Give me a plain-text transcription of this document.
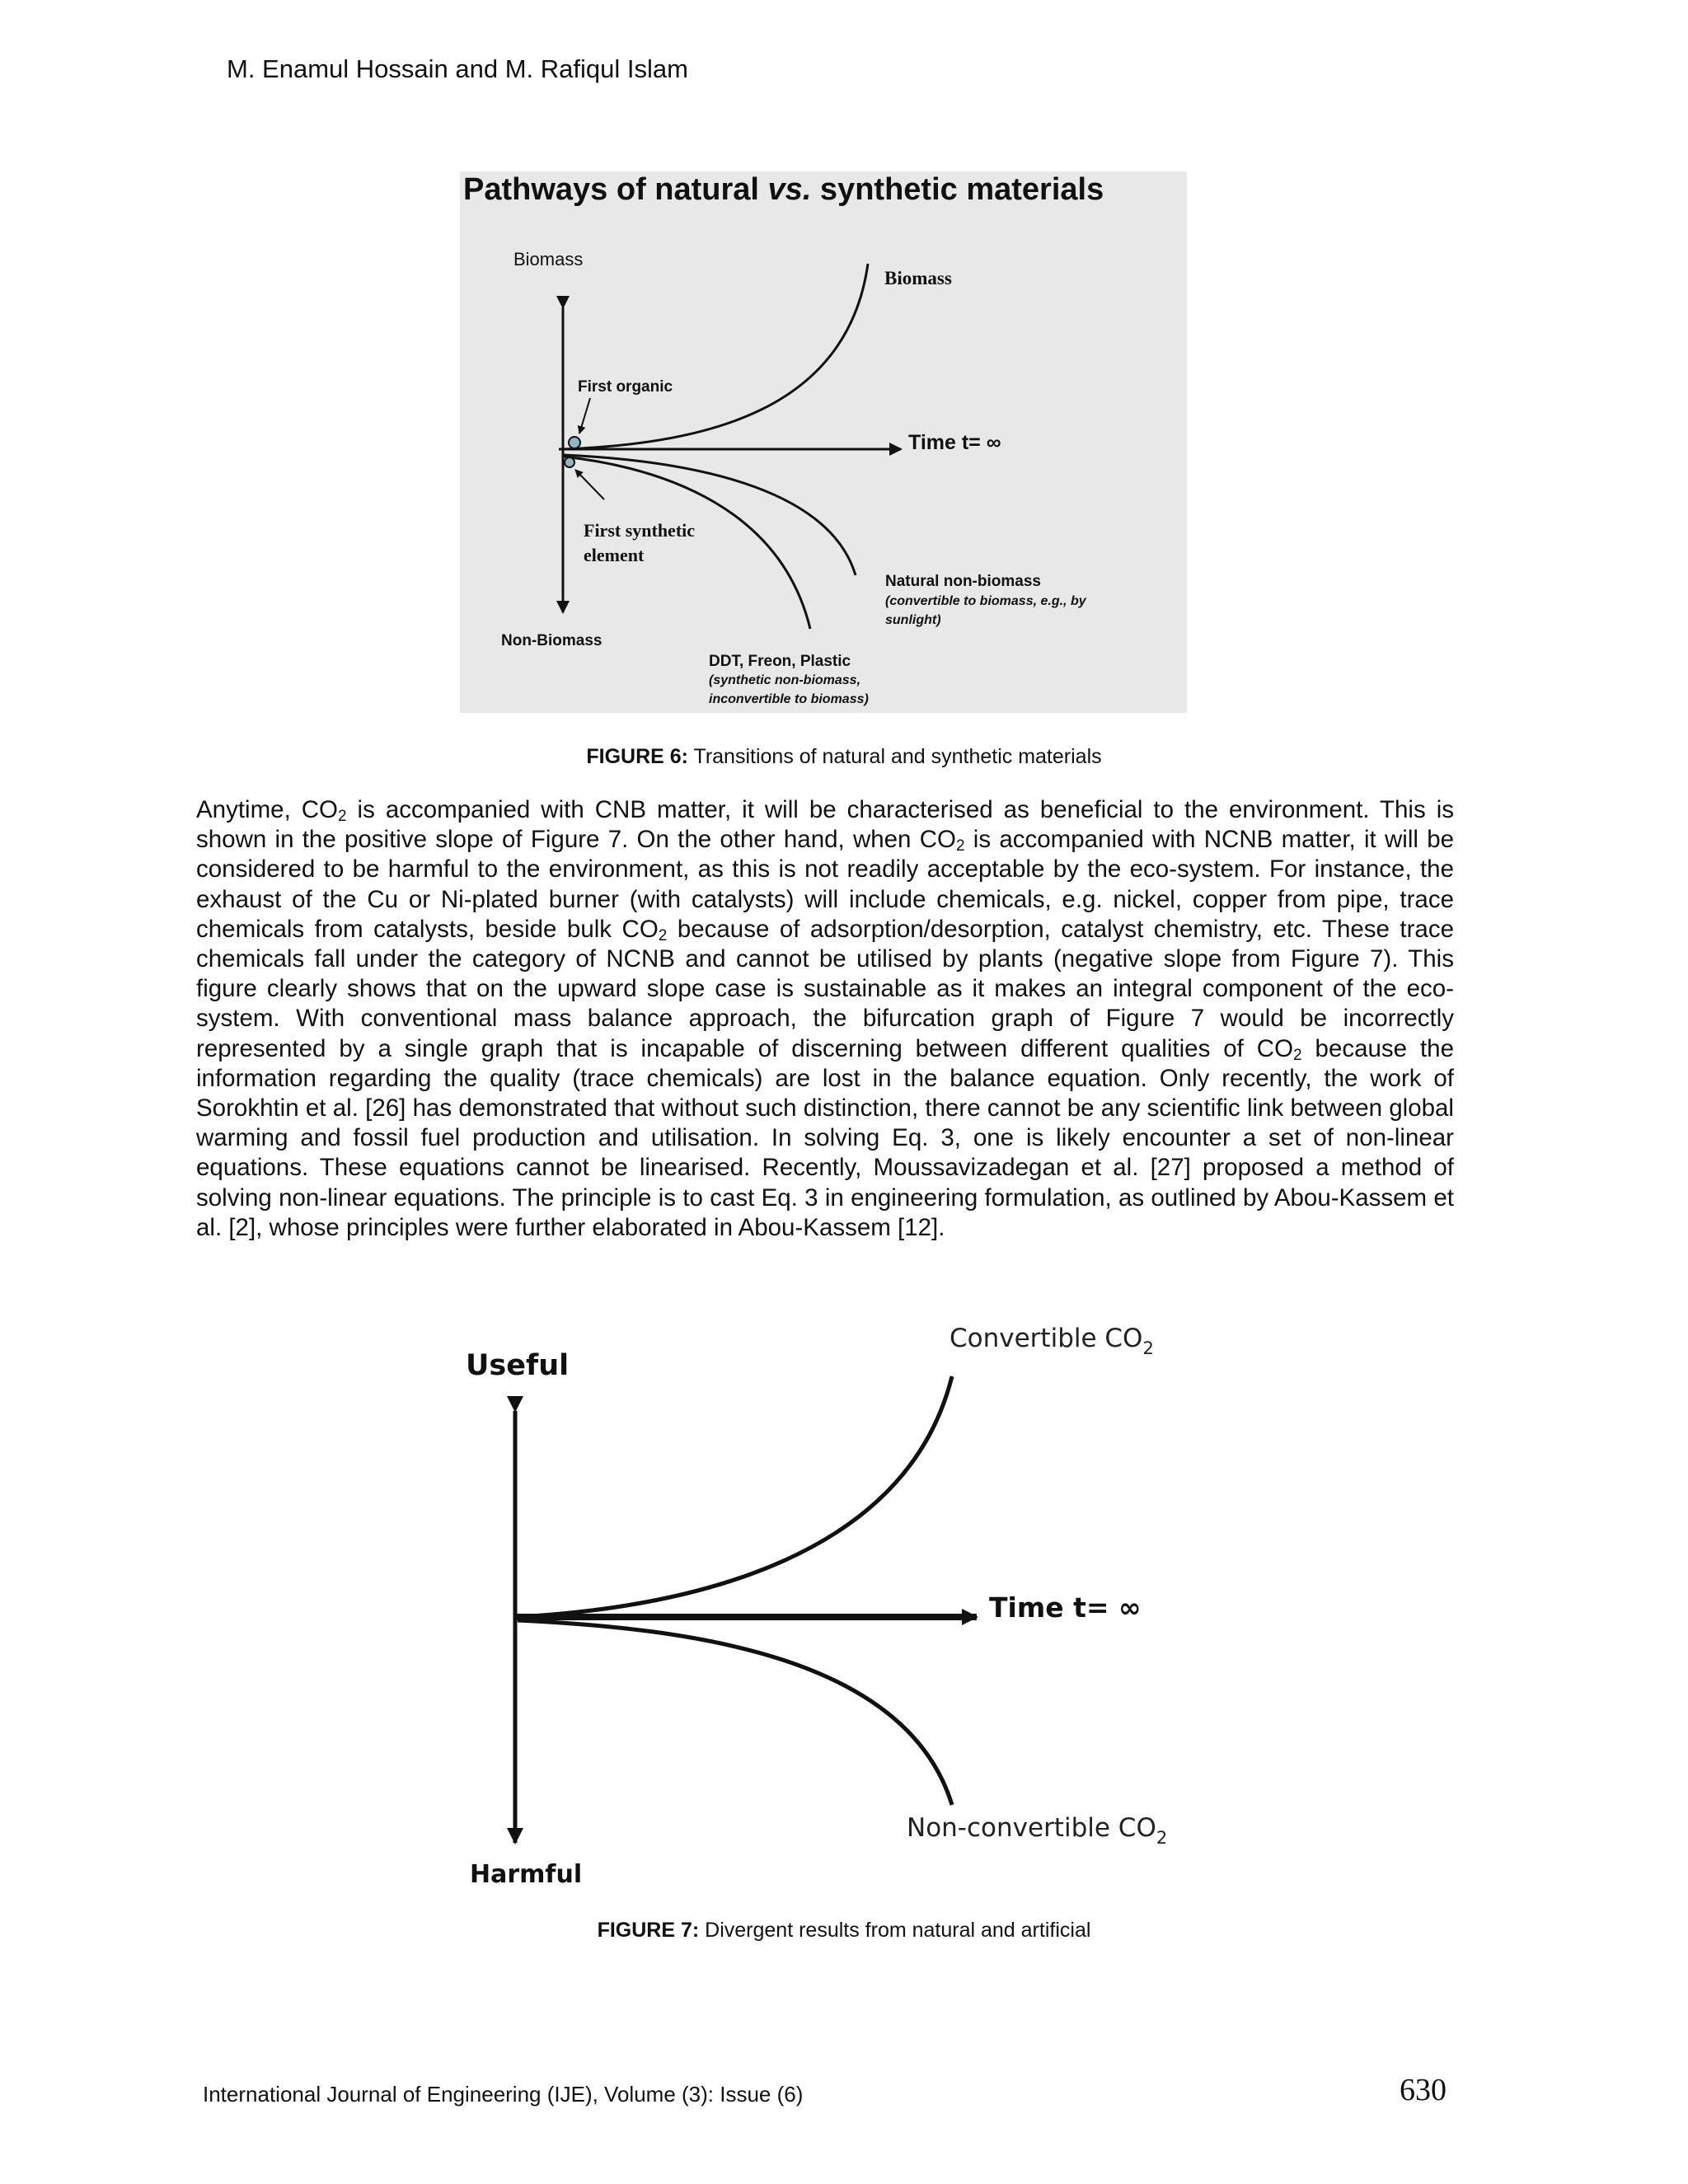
M. Enamul Hossain and M. Rafiqul Islam
Pathways of natural vs. synthetic materials
Biomass
Non-Biomass
Biomass
First organic
Time t= ∞
First synthetic
element
Natural non-biomass
(convertible to biomass, e.g., by
sunlight)
DDT, Freon, Plastic
(synthetic non-biomass,
inconvertible to biomass)
FIGURE 6: Transitions of natural and synthetic materials
Anytime, $CO_2$ is accompanied with CNB matter, it will be characterised as beneficial to the environment. This is shown in the positive slope of Figure 7. On the other hand, when $CO_2$ is accompanied with NCNB matter, it will be considered to be harmful to the environment, as this is not readily acceptable by the eco-system. For instance, the exhaust of the Cu or Ni-plated burner (with catalysts) will include chemicals, e.g. nickel, copper from pipe, trace chemicals from catalysts, beside bulk $CO_2$ because of adsorption/desorption, catalyst chemistry, etc. These trace chemicals fall under the category of NCNB and cannot be utilised by plants (negative slope from Figure 7). This figure clearly shows that on the upward slope case is sustainable as it makes an integral component of the eco-system. With conventional mass balance approach, the bifurcation graph of Figure 7 would be incorrectly represented by a single graph that is incapable of discerning between different qualities of $CO_2$ because the information regarding the quality (trace chemicals) are lost in the balance equation. Only recently, the work of Sorokhtin et al. [26] has demonstrated that without such distinction, there cannot be any scientific link between global warming and fossil fuel production and utilisation. In solving Eq. 3, one is likely encounter a set of non-linear equations. These equations cannot be linearised. Recently, Moussavizadegan et al. [27] proposed a method of solving non-linear equations. The principle is to cast Eq. 3 in engineering formulation, as outlined by Abou-Kassem et al. [2], whose principles were further elaborated in Abou-Kassem [12].
Useful
Harmful
Convertible $CO_2$
Non-convertible $CO_2$
Time t= ∞
FIGURE 7: Divergent results from natural and artificial
International Journal of Engineering (IJE), Volume (3): Issue (6)	630
